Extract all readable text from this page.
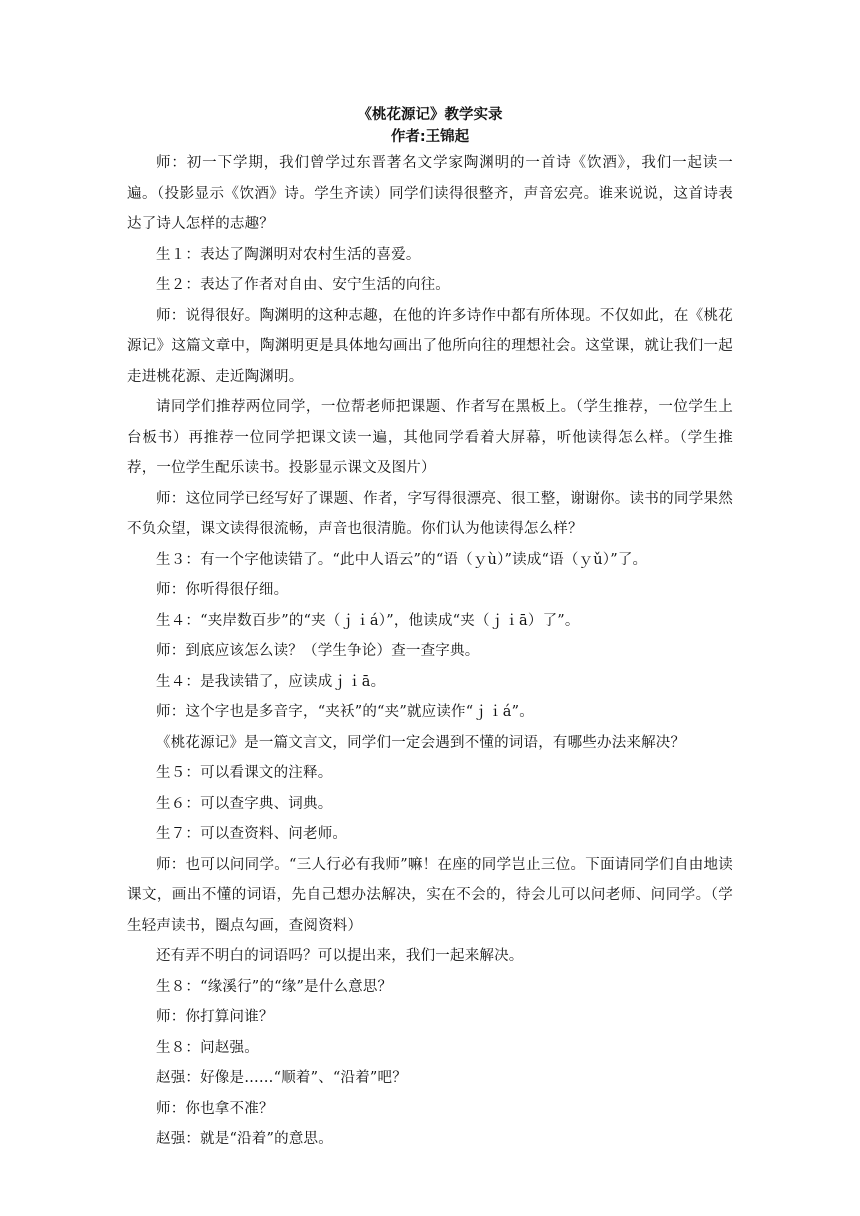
《桃花源记》教学实录
作者:王锦起

师：初一下学期，我们曾学过东晋著名文学家陶渊明的一首诗《饮酒》，我们一起读一遍。（投影显示《饮酒》诗。学生齐读）同学们读得很整齐，声音宏亮。谁来说说，这首诗表达了诗人怎样的志趣？

生１：表达了陶渊明对农村生活的喜爱。

生２：表达了作者对自由、安宁生活的向往。

师：说得很好。陶渊明的这种志趣，在他的许多诗作中都有所体现。不仅如此，在《桃花源记》这篇文章中，陶渊明更是具体地勾画出了他所向往的理想社会。这堂课，就让我们一起走进桃花源、走近陶渊明。

请同学们推荐两位同学，一位帮老师把课题、作者写在黑板上。（学生推荐，一位学生上台板书）再推荐一位同学把课文读一遍，其他同学看着大屏幕，听他读得怎么样。（学生推荐，一位学生配乐读书。投影显示课文及图片）

师：这位同学已经写好了课题、作者，字写得很漂亮、很工整，谢谢你。读书的同学果然不负众望，课文读得很流畅，声音也很清脆。你们认为他读得怎么样？

生３：有一个字他读错了。“此中人语云”的“语（ｙù）”读成“语（ｙǔ）”了。

师：你听得很仔细。

生４：“夹岸数百步”的“夹（ｊｉá）”，他读成“夹（ｊｉā）了”。

师：到底应该怎么读？（学生争论）查一查字典。

生４：是我读错了，应读成ｊｉā。

师：这个字也是多音字，“夹袄”的“夹”就应读作“ｊｉá”。

《桃花源记》是一篇文言文，同学们一定会遇到不懂的词语，有哪些办法来解决？

生５：可以看课文的注释。

生６：可以查字典、词典。

生７：可以查资料、问老师。

师：也可以问同学。“三人行必有我师”嘛！在座的同学岂止三位。下面请同学们自由地读课文，画出不懂的词语，先自己想办法解决，实在不会的，待会儿可以问老师、问同学。（学生轻声读书，圈点勾画，查阅资料）

还有弄不明白的词语吗？可以提出来，我们一起来解决。

生８：“缘溪行”的“缘”是什么意思？

师：你打算问谁？

生８：问赵强。

赵强：好像是……“顺着”、“沿着”吧？

师：你也拿不准？

赵强：就是“沿着”的意思。
